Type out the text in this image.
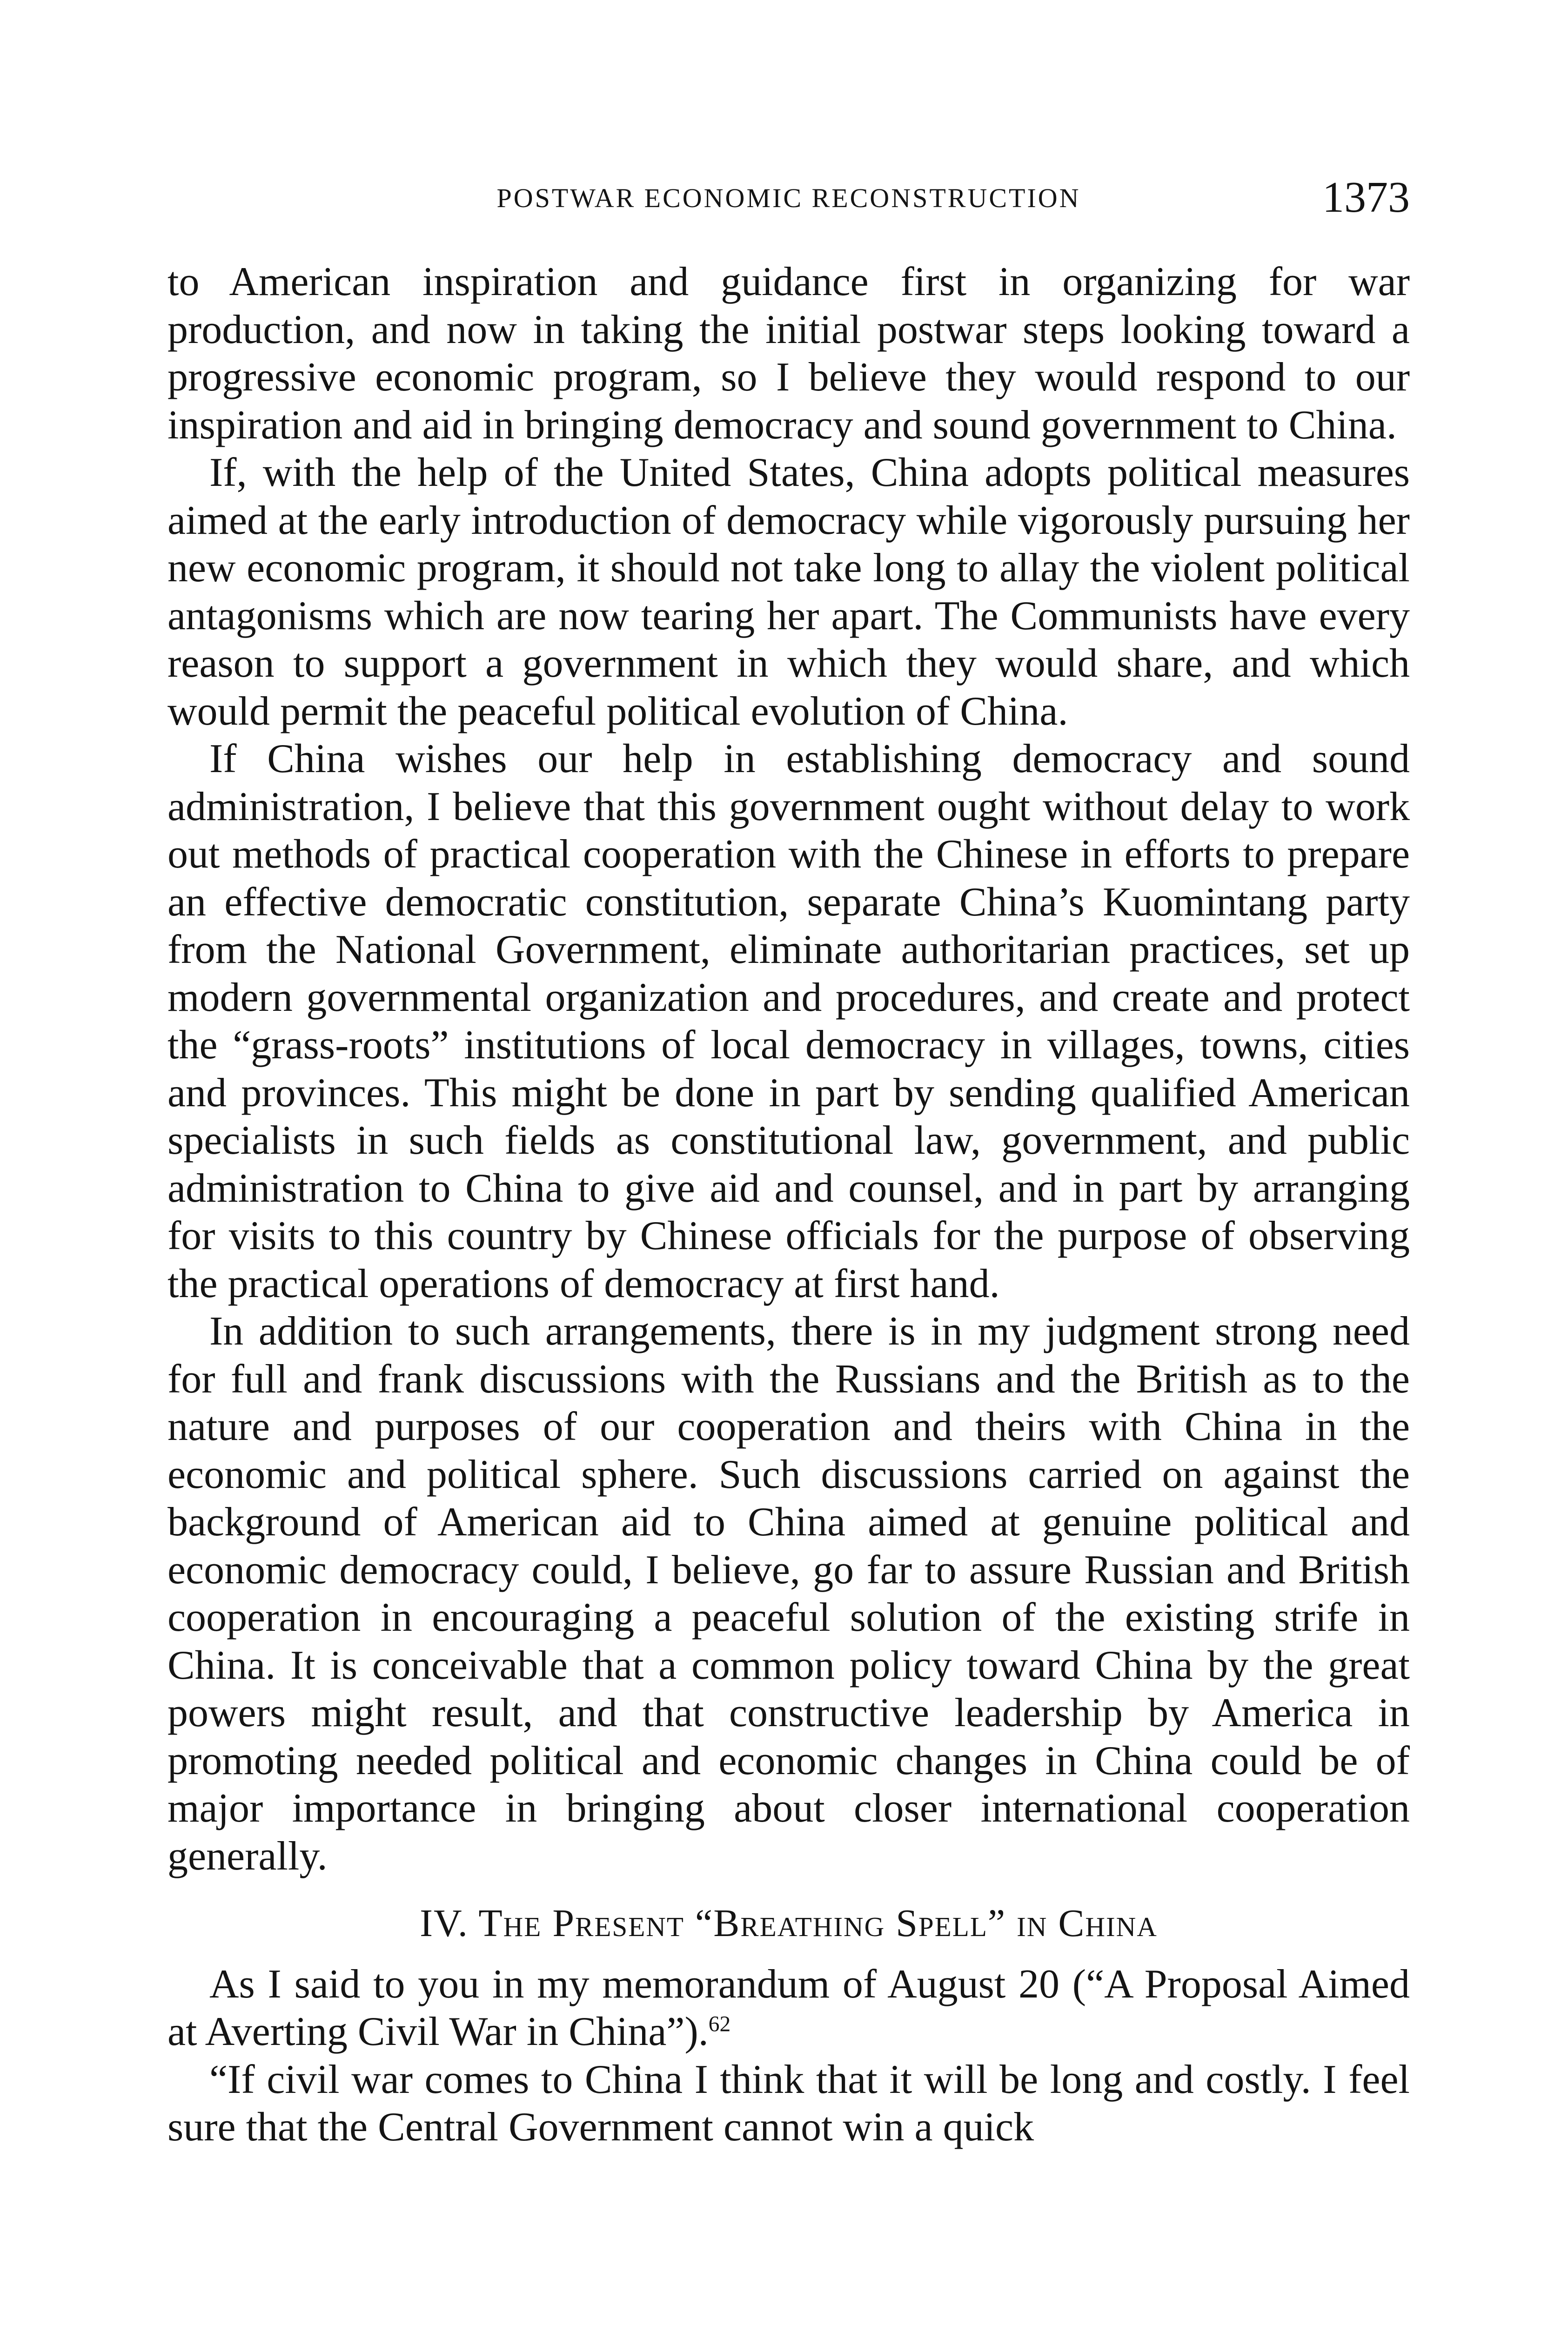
POSTWAR ECONOMIC RECONSTRUCTION	1373

to American inspiration and guidance first in organizing for war production, and now in taking the initial postwar steps looking toward a progressive economic program, so I believe they would respond to our inspiration and aid in bringing democracy and sound government to China.

If, with the help of the United States, China adopts political measures aimed at the early introduction of democracy while vigorously pursuing her new economic program, it should not take long to allay the violent political antagonisms which are now tearing her apart. The Communists have every reason to support a government in which they would share, and which would permit the peaceful political evolution of China.

If China wishes our help in establishing democracy and sound administration, I believe that this government ought without delay to work out methods of practical cooperation with the Chinese in efforts to prepare an effective democratic constitution, separate China’s Kuomintang party from the National Government, eliminate authoritarian practices, set up modern governmental organization and procedures, and create and protect the “grass-roots” institutions of local democracy in villages, towns, cities and provinces. This might be done in part by sending qualified American specialists in such fields as constitutional law, government, and public administration to China to give aid and counsel, and in part by arranging for visits to this country by Chinese officials for the purpose of observing the practical operations of democracy at first hand.

In addition to such arrangements, there is in my judgment strong need for full and frank discussions with the Russians and the British as to the nature and purposes of our cooperation and theirs with China in the economic and political sphere. Such discussions carried on against the background of American aid to China aimed at genuine political and economic democracy could, I believe, go far to assure Russian and British cooperation in encouraging a peaceful solution of the existing strife in China. It is conceivable that a common policy toward China by the great powers might result, and that constructive leadership by America in promoting needed political and economic changes in China could be of major importance in bringing about closer international cooperation generally.

IV. The Present “Breathing Spell” in China

As I said to you in my memorandum of August 20 (“A Proposal Aimed at Averting Civil War in China”).$^{62}$

“If civil war comes to China I think that it will be long and costly. I feel sure that the Central Government cannot win a quick
